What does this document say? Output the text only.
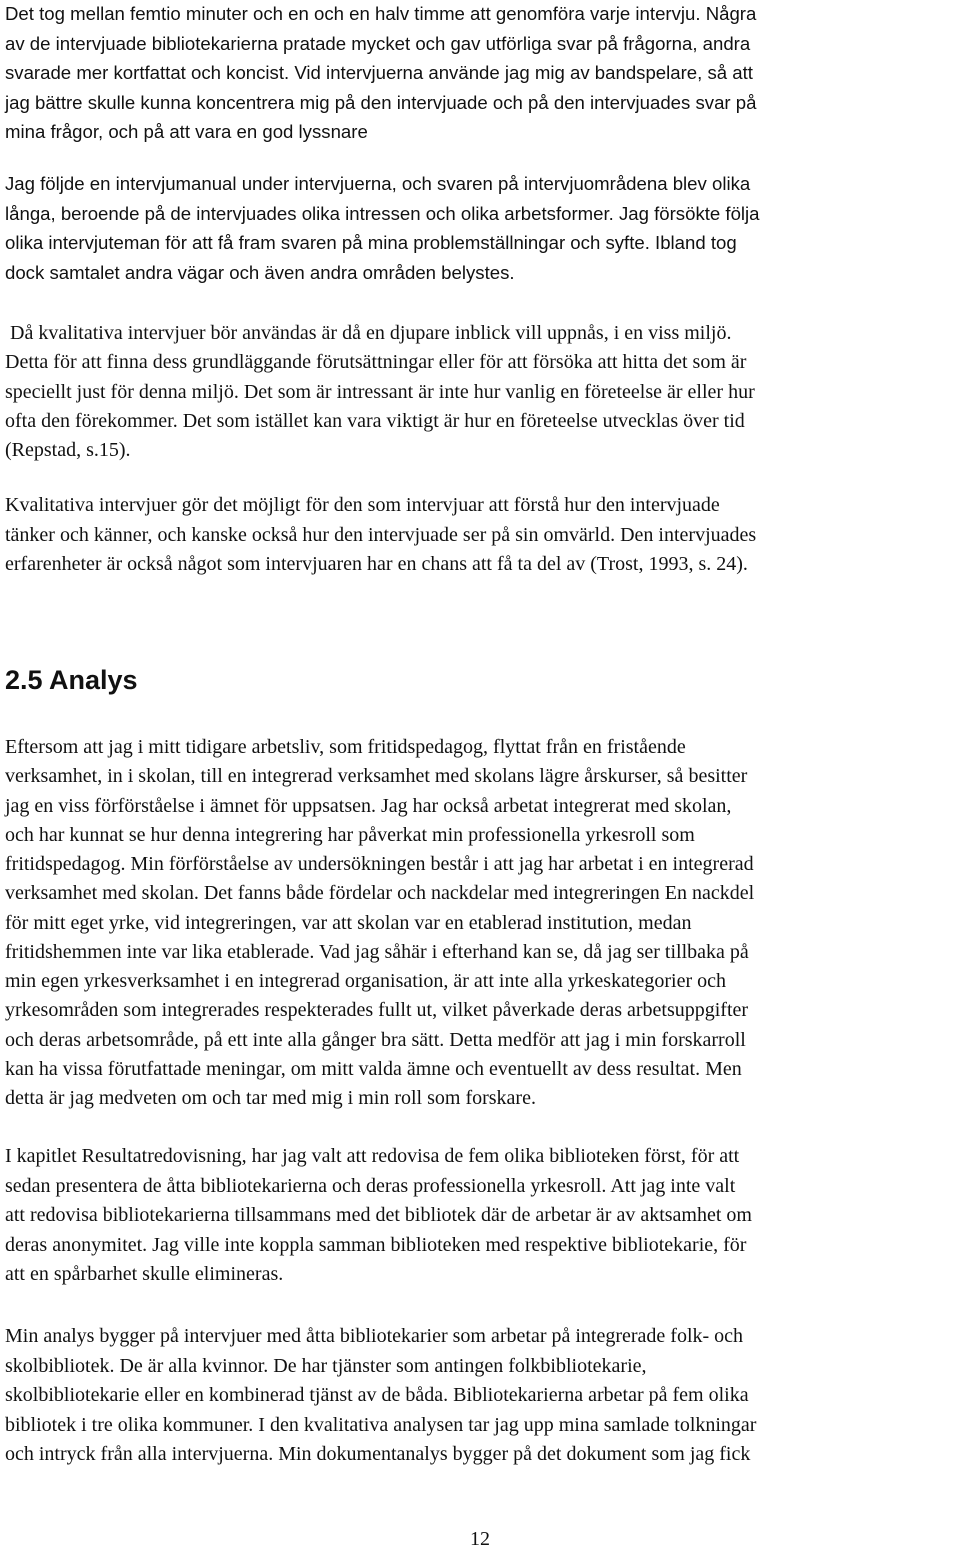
Det tog mellan femtio minuter och en och en halv timme att genomföra varje intervju. Några
av de intervjuade bibliotekarierna pratade mycket och gav utförliga svar på frågorna, andra
svarade mer kortfattat och koncist. Vid intervjuerna använde jag mig av bandspelare, så att
jag bättre skulle kunna koncentrera mig på den intervjuade och på den intervjuades svar på
mina frågor, och på att vara en god lyssnare
Jag följde en intervjumanual under intervjuerna, och svaren på intervjuområdena blev olika
långa, beroende på de intervjuades olika intressen och olika arbetsformer. Jag försökte följa
olika intervjuteman för att få fram svaren på mina problemställningar och syfte. Ibland tog
dock samtalet andra vägar och även andra områden belystes.
Då kvalitativa intervjuer bör användas är då en djupare inblick vill uppnås, i en viss miljö.
Detta för att finna dess grundläggande förutsättningar eller för att försöka att hitta det som är
speciellt just för denna miljö. Det som är intressant är inte hur vanlig en företeelse är eller hur
ofta den förekommer. Det som istället kan vara viktigt är hur en företeelse utvecklas över tid
(Repstad, s.15).
Kvalitativa intervjuer gör det möjligt för den som intervjuar att förstå hur den intervjuade
tänker och känner, och kanske också hur den intervjuade ser på sin omvärld. Den intervjuades
erfarenheter är också något som intervjuaren har en chans att få ta del av (Trost, 1993, s. 24).
Eftersom att jag i mitt tidigare arbetsliv, som fritidspedagog, flyttat från en fristående
verksamhet, in i skolan, till en integrerad verksamhet med skolans lägre årskurser, så besitter
jag en viss förförståelse i ämnet för uppsatsen. Jag har också arbetat integrerat med skolan,
och har kunnat se hur denna integrering har påverkat min professionella yrkesroll som
fritidspedagog. Min förförståelse av undersökningen består i att jag har arbetat i en integrerad
verksamhet med skolan. Det fanns både fördelar och nackdelar med integreringen En nackdel
för mitt eget yrke, vid integreringen, var att skolan var en etablerad institution, medan
fritidshemmen inte var lika etablerade. Vad jag såhär i efterhand kan se, då jag ser tillbaka på
min egen yrkesverksamhet i en integrerad organisation, är att inte alla yrkeskategorier och
yrkesområden som integrerades respekterades fullt ut, vilket påverkade deras arbetsuppgifter
och deras arbetsområde, på ett inte alla gånger bra sätt. Detta medför att jag i min forskarroll
kan ha vissa förutfattade meningar, om mitt valda ämne och eventuellt av dess resultat. Men
detta är jag medveten om och tar med mig i min roll som forskare.
I kapitlet Resultatredovisning, har jag valt att redovisa de fem olika biblioteken först, för att
sedan presentera de åtta bibliotekarierna och deras professionella yrkesroll. Att jag inte valt
att redovisa bibliotekarierna tillsammans med det bibliotek där de arbetar är av aktsamhet om
deras anonymitet. Jag ville inte koppla samman biblioteken med respektive bibliotekarie, för
att en spårbarhet skulle elimineras.
Min analys bygger på intervjuer med åtta bibliotekarier som arbetar på integrerade folk- och
skolbibliotek. De är alla kvinnor. De har tjänster som antingen folkbibliotekarie,
skolbibliotekarie eller en kombinerad tjänst av de båda. Bibliotekarierna arbetar på fem olika
bibliotek i tre olika kommuner. I den kvalitativa analysen tar jag upp mina samlade tolkningar
och intryck från alla intervjuerna. Min dokumentanalys bygger på det dokument som jag fick
2.5 Analys
12
